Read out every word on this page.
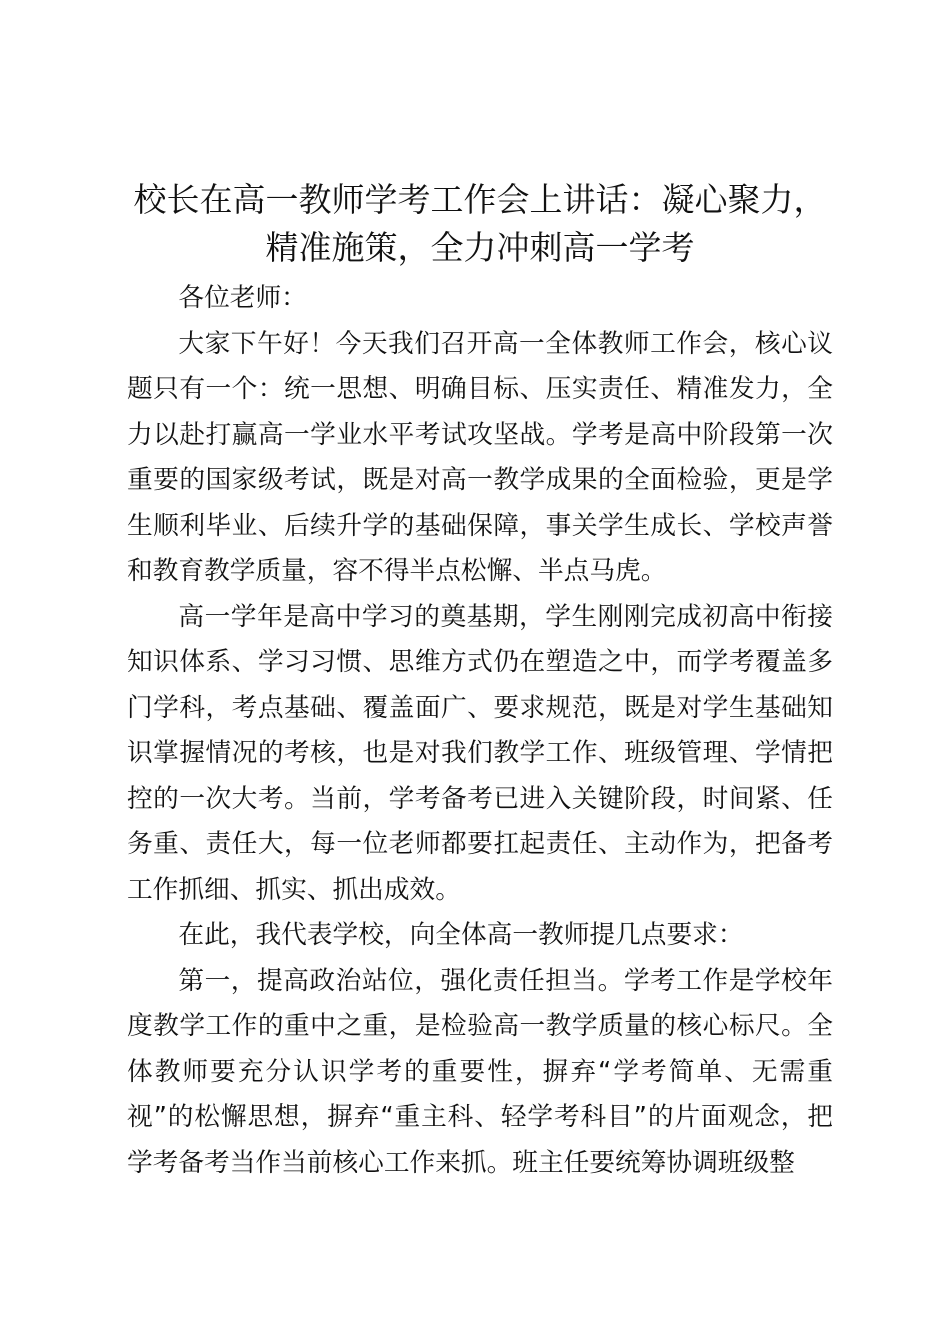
校长在高一教师学考工作会上讲话：凝心聚力，
精准施策，全力冲刺高一学考

各位老师：

大家下午好！今天我们召开高一全体教师工作会，核心议题只有一个：统一思想、明确目标、压实责任、精准发力，全力以赴打赢高一学业水平考试攻坚战。学考是高中阶段第一次重要的国家级考试，既是对高一教学成果的全面检验，更是学生顺利毕业、后续升学的基础保障，事关学生成长、学校声誉和教育教学质量，容不得半点松懈、半点马虎。

高一学年是高中学习的奠基期，学生刚刚完成初高中衔接知识体系、学习习惯、思维方式仍在塑造之中，而学考覆盖多门学科，考点基础、覆盖面广、要求规范，既是对学生基础知识掌握情况的考核，也是对我们教学工作、班级管理、学情把控的一次大考。当前，学考备考已进入关键阶段，时间紧、任务重、责任大，每一位老师都要扛起责任、主动作为，把备考工作抓细、抓实、抓出成效。

在此，我代表学校，向全体高一教师提几点要求：

第一，提高政治站位，强化责任担当。学考工作是学校年度教学工作的重中之重，是检验高一教学质量的核心标尺。全体教师要充分认识学考的重要性，摒弃“学考简单、无需重视”的松懈思想，摒弃“重主科、轻学考科目”的片面观念，把学考备考当作当前核心工作来抓。班主任要统筹协调班级整
